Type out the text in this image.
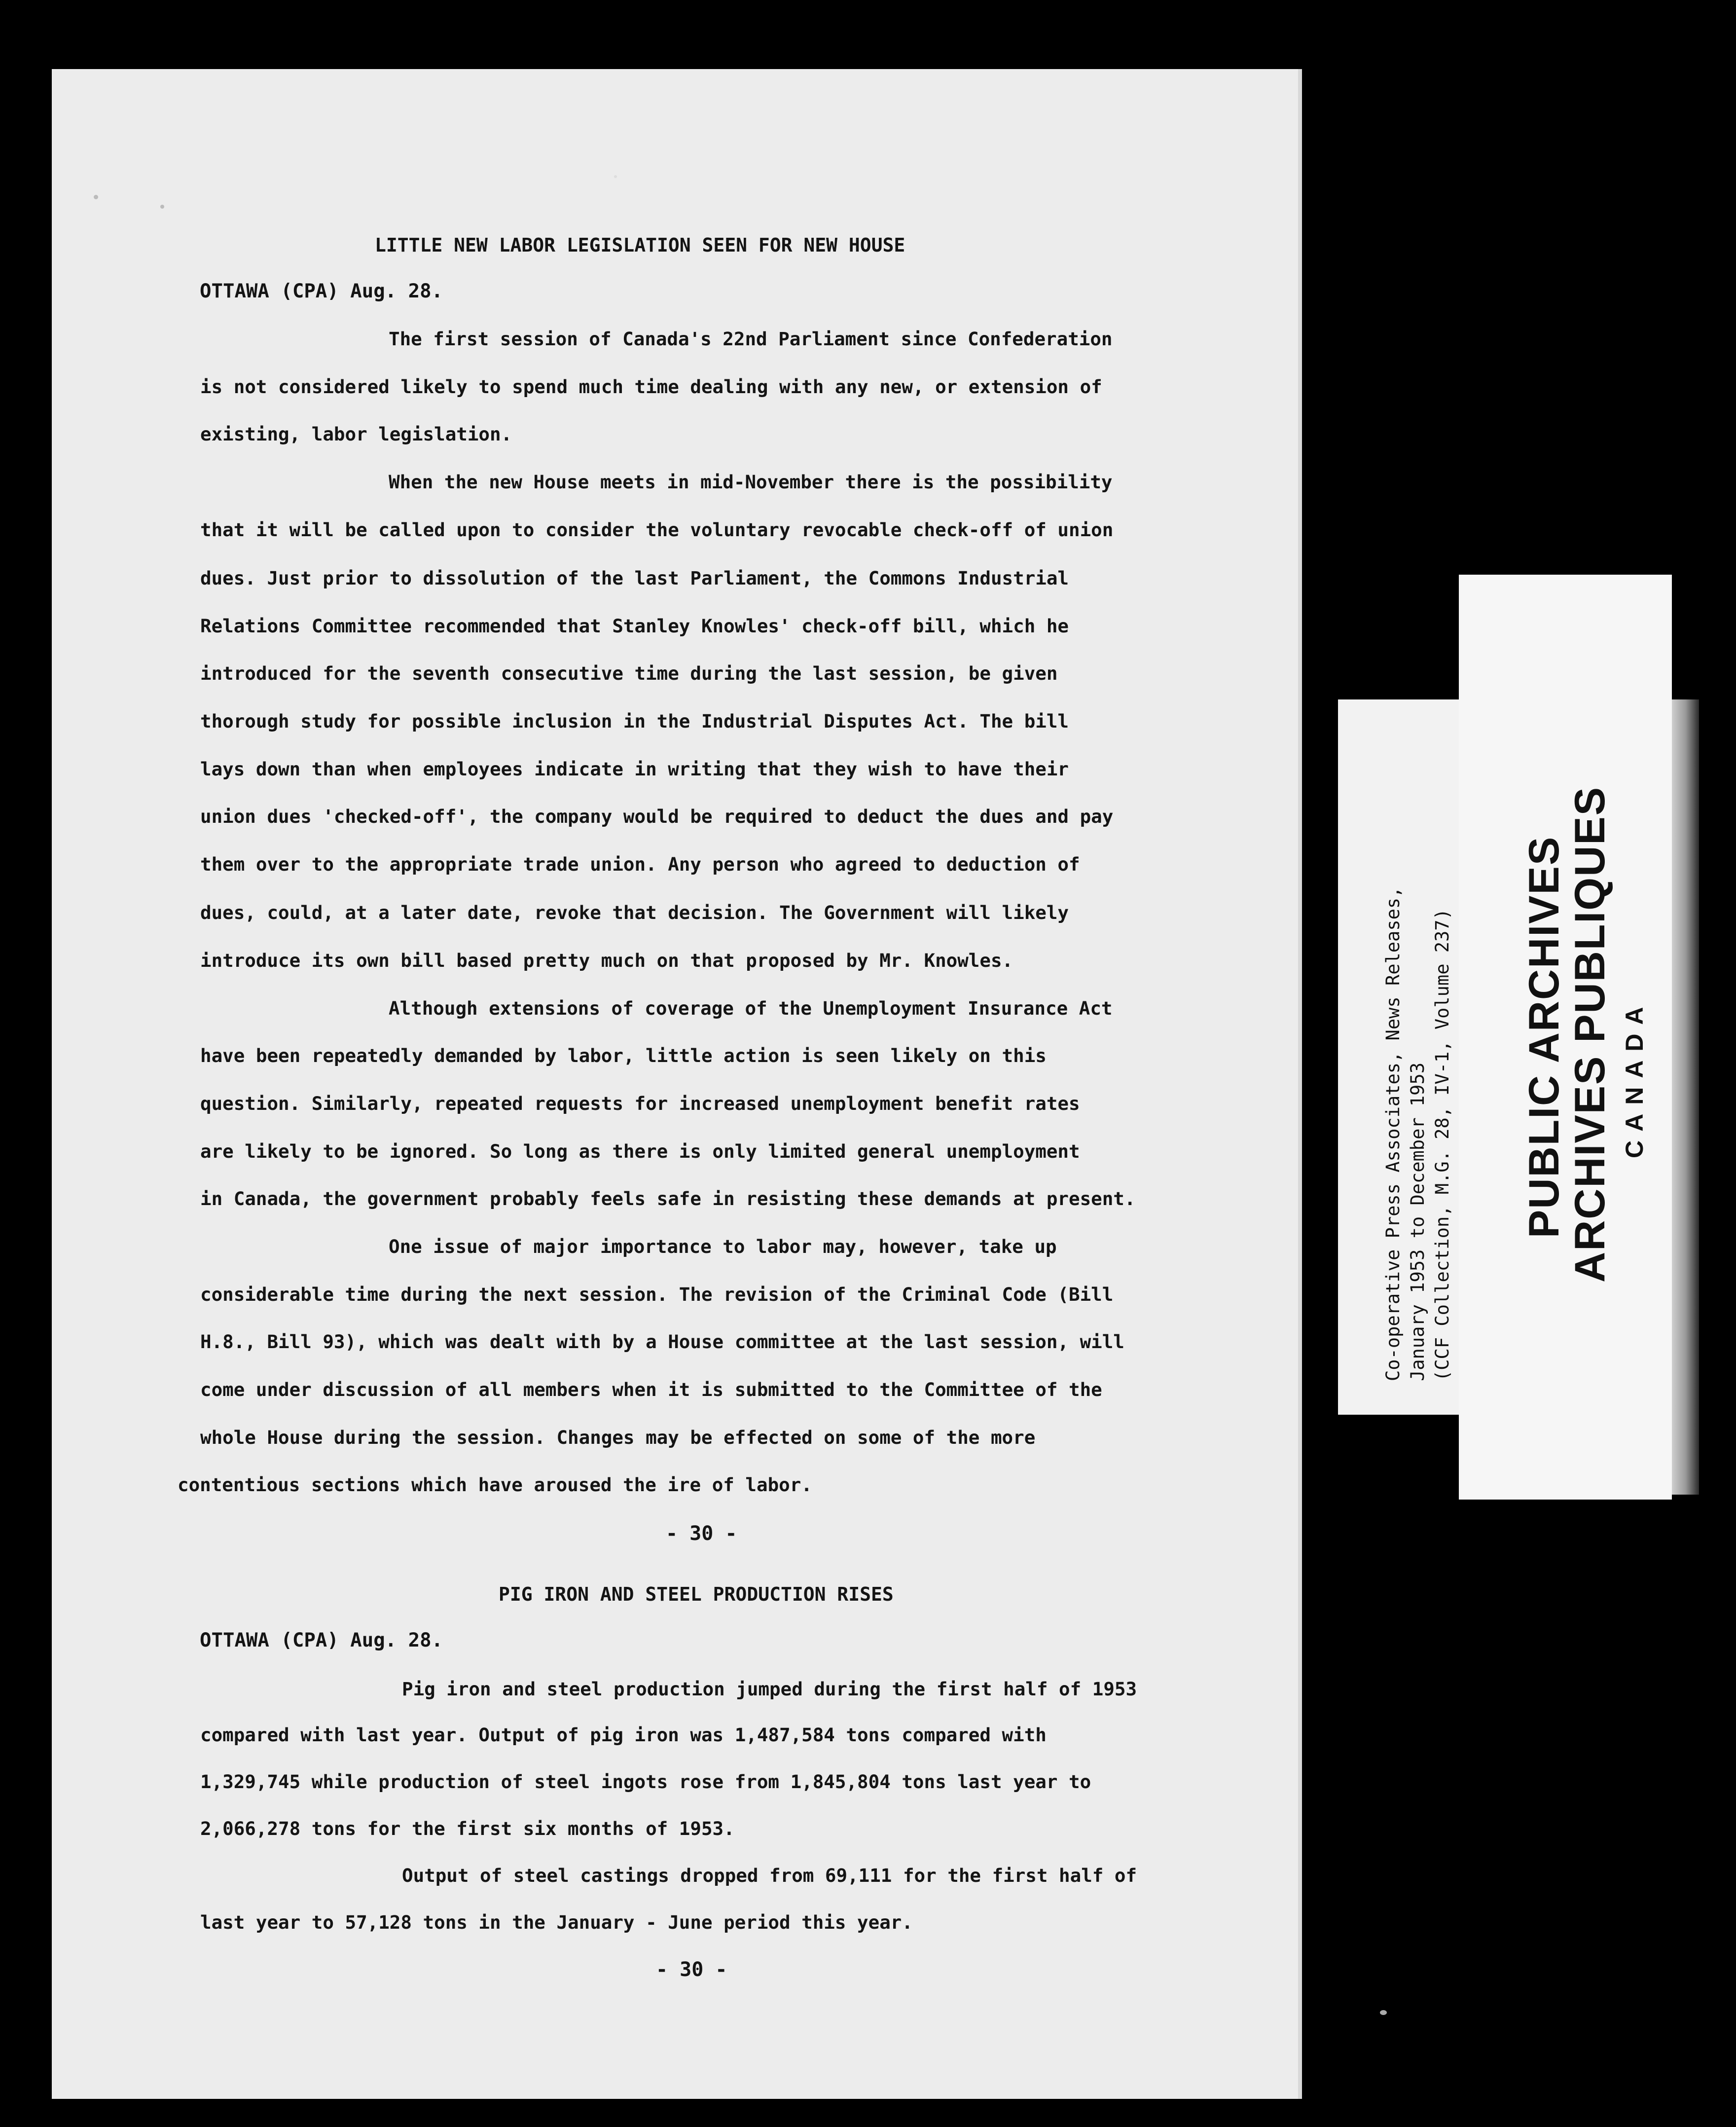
LITTLE NEW LABOR LEGISLATION SEEN FOR NEW HOUSE
OTTAWA (CPA) Aug. 28.
The first session of Canada's 22nd Parliament since Confederation
is not considered likely to spend much time dealing with any new, or extension of
existing, labor legislation.
When the new House meets in mid-November there is the possibility
that it will be called upon to consider the voluntary revocable check-off of union
dues. Just prior to dissolution of the last Parliament, the Commons Industrial
Relations Committee recommended that Stanley Knowles' check-off bill, which he
introduced for the seventh consecutive time during the last session, be given
thorough study for possible inclusion in the Industrial Disputes Act. The bill
lays down than when employees indicate in writing that they wish to have their
union dues 'checked-off', the company would be required to deduct the dues and pay
them over to the appropriate trade union. Any person who agreed to deduction of
dues, could, at a later date, revoke that decision. The Government will likely
introduce its own bill based pretty much on that proposed by Mr. Knowles.
Although extensions of coverage of the Unemployment Insurance Act
have been repeatedly demanded by labor, little action is seen likely on this
question. Similarly, repeated requests for increased unemployment benefit rates
are likely to be ignored. So long as there is only limited general unemployment
in Canada, the government probably feels safe in resisting these demands at present.
One issue of major importance to labor may, however, take up
considerable time during the next session. The revision of the Criminal Code (Bill
H.8., Bill 93), which was dealt with by a House committee at the last session, will
come under discussion of all members when it is submitted to the Committee of the
whole House during the session. Changes may be effected on some of the more
contentious sections which have aroused the ire of labor.
- 30 -
PIG IRON AND STEEL PRODUCTION RISES
OTTAWA (CPA) Aug. 28.
Pig iron and steel production jumped during the first half of 1953
compared with last year. Output of pig iron was 1,487,584 tons compared with
1,329,745 while production of steel ingots rose from 1,845,804 tons last year to
2,066,278 tons for the first six months of 1953.
Output of steel castings dropped from 69,111 for the first half of
last year to 57,128 tons in the January - June period this year.
- 30 -
Co-operative Press Associates, News Releases, January 1953 to December 1953 (CCF Collection, M.G. 28, IV-1, Volume 237) PUBLIC ARCHIVES
ARCHIVES PUBLIQUES CANADA
